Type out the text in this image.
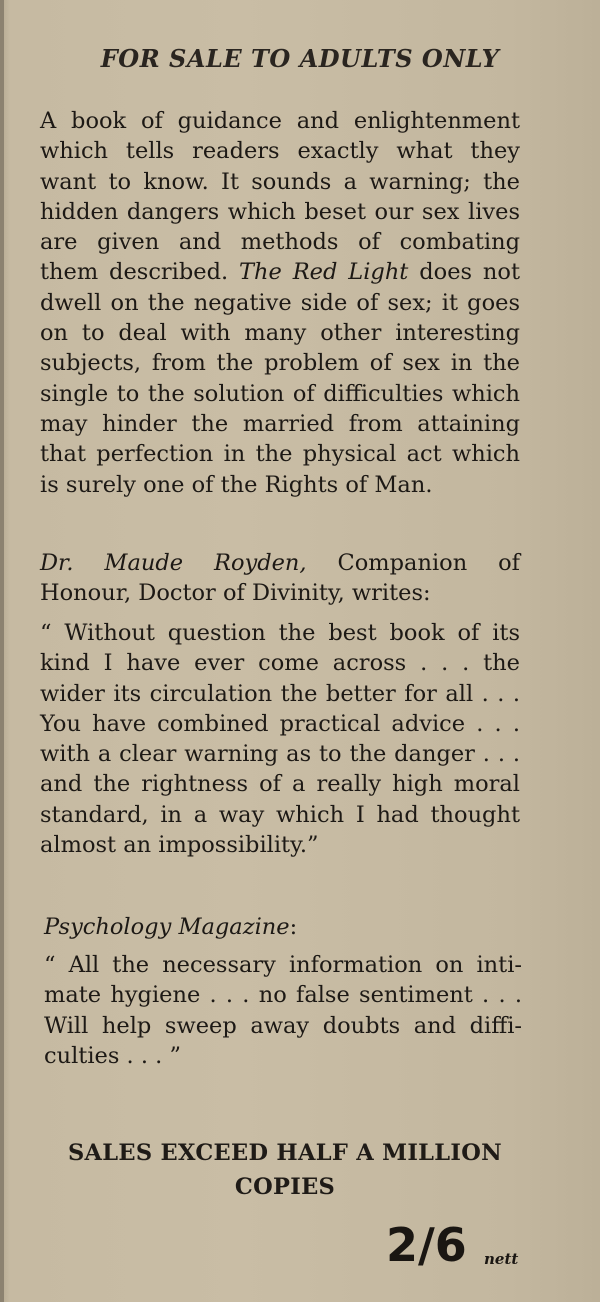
FOR SALE TO ADULTS ONLY
A book of guidance and enlightenment
which tells readers exactly what they
want to know. It sounds a warning; the
hidden dangers which beset our sex lives
are given and methods of combating
them described. The Red Light does not
dwell on the negative side of sex; it goes
on to deal with many other interesting
subjects, from the problem of sex in the
single to the solution of difficulties which
may hinder the married from attaining
that perfection in the physical act which
is surely one of the Rights of Man.
Dr. Maude Royden, Companion of
Honour, Doctor of Divinity, writes:
“ Without question the best book of its
kind I have ever come across . . . the
wider its circulation the better for all . . .
You have combined practical advice . . .
with a clear warning as to the danger . . .
and the rightness of a really high moral
standard, in a way which I had thought
almost an impossibility.”
Psychology Magazine:
“ All the necessary information on inti-
mate hygiene . . . no false sentiment . . .
Will help sweep away doubts and diffi-
culties . . . ”
SALES EXCEED HALF A MILLION
COPIES
2/6 nett
